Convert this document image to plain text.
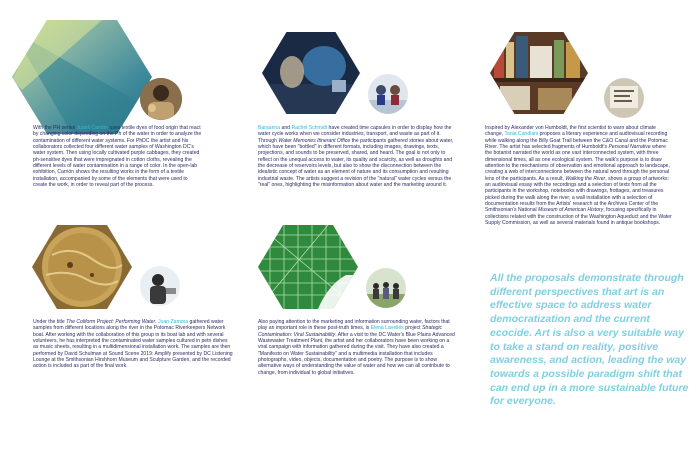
With the PH series Juanli Carrión uses textile dyes of food origin that react by changing color depending on the Ph of the water in order to analyze the contamination of different water systems. For PhDC the artist and his collaborators collected four different water samples of Washington DC's water system. Then using locally cultivated purple cabbages, they created ph-sensitive dyes that were impregnated in cotton cloths, revealing the different levels of water contamination in a range of color. In the open-lab exhibition, Carrión shows the resulting works in the form of a textile installation, accompanied by some of the elements that were used to create the work, in order to reveal part of the process.

Baraanna and Rachel Schmidt have created time capsules in order to display how the water cycle works when we consider industries, transport, and waste as part of it. Through Water Memories Itinerant Office the participants gathered stories about water, which have been "bottled" in different formats, including images, drawings, texts, projections, and sounds to be preserved, shared, and heard. The goal is not only to reflect on the unequal access to water, its quality and scarcity, as well as droughts and the decrease of reservoirs levels, but also to show the disconnection between the idealistic concept of water as an element of nature and its consumption and resulting industrial waste. The artists suggest a revision of the "natural" water cycles versus the "real" ones, highlighting the misinformation about water and the marketing around it.

Inspired by Alexander von Humboldt, the first scientist to warn about climate change, Tania Candiani proposes a literary experience and audiovisual recording while walking along the Billy Goat Trail between the C&O Canal and the Potomac River. The artist has selected fragments of Humboldt's Personal Narrative where the botanist narrated the world as one vast interconnected system, with three dimensional times, all as one ecological system. The walk's purpose is to draw attention to the mechanisms of observation and emotional approach to landscape, creating a web of interconnections between the natural word through the personal lens of the participants. As a result, Walking the River, shows a group of artworks: an audiovisual essay with the recordings and a selection of texts from all the participants in the workshop, notebooks with drawings, frottages, and treasures picked during the walk along the river; a wall installation with a selection of documentation results from the Artists' research at the Archives Center of the Smithsonian's National Museum of American History, focusing specifically in collections related with the construction of the Washington Aqueduct and the Water Supply Commission, as well as several materials found in antique bookshops.

Under the title The Coliform Project: Performing Water, Juan Zamora gathered water samples from different locations along the river in the Potomac Riverkeepers Network boat. After working with the collaboration of this group in its boat lab and with several volunteers, he has interpreted the contaminated water samples cultured in petri dishes as music sheets, resulting in a multidimensional installation work. The samples are then performed by David Schulman at Sound Scene 2019: Amplify presented by DC Listening Lounge at the Smithsonian Hirshhorn Museum and Sculpture Garden, and the recorded action is included as part of the final work.

Also paying attention to the marketing and information surrounding water, factors that play an important role in these post-truth times, is Elena Lavellés project Strategic Contamination: Viral Sustainability. After a visit to the DC Water's Blue Plains Advanced Wastewater Treatment Plant, the artist and her collaborators have been working on a viral campaign with information gathered during the visit. They have also created a "Manifesto on Water Sustainability" and a multimedia installation that includes photographs, video, objects, documentation and poetry. The purpose is to show alternative ways of understanding the value of water and how we can all contribute to change, from individual to global initiatives.

All the proposals demonstrate through different perspectives that art is an effective space to address water democratization and the current ecocide. Art is also a very suitable way to take a stand on reality, positive awareness, and action, leading the way towards a possible paradigm shift that can end up in a more sustainable future for everyone.
